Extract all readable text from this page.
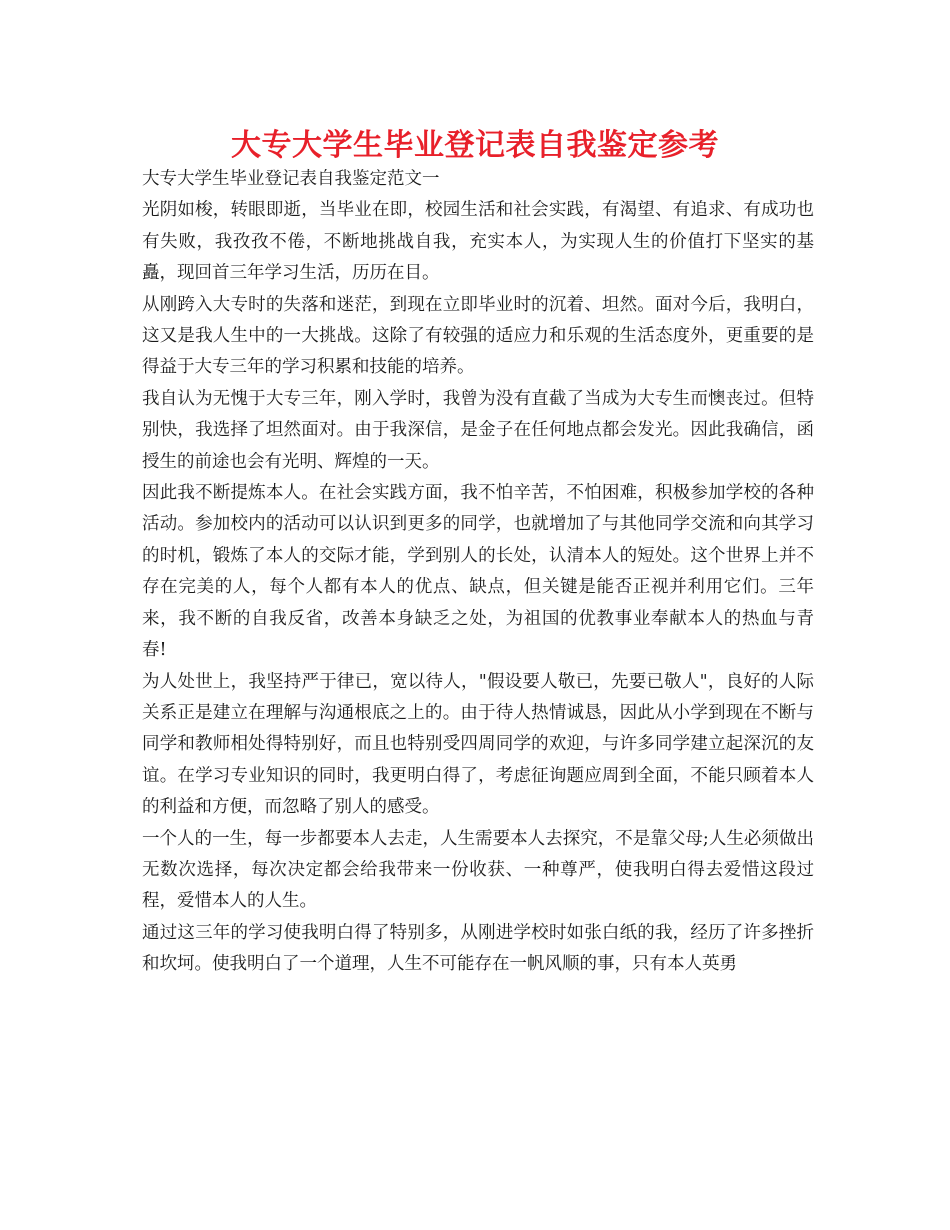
大专大学生毕业登记表自我鉴定参考

大专大学生毕业登记表自我鉴定范文一

光阴如梭，转眼即逝，当毕业在即，校园生活和社会实践，有渴望、有追求、有成功也有失败，我孜孜不倦，不断地挑战自我，充实本人，为实现人生的价值打下坚实的基矗，现回首三年学习生活，历历在目。

从刚跨入大专时的失落和迷茫，到现在立即毕业时的沉着、坦然。面对今后，我明白，这又是我人生中的一大挑战。这除了有较强的适应力和乐观的生活态度外，更重要的是得益于大专三年的学习积累和技能的培养。

我自认为无愧于大专三年，刚入学时，我曾为没有直截了当成为大专生而懊丧过。但特别快，我选择了坦然面对。由于我深信，是金子在任何地点都会发光。因此我确信，函授生的前途也会有光明、辉煌的一天。

因此我不断提炼本人。在社会实践方面，我不怕辛苦，不怕困难，积极参加学校的各种活动。参加校内的活动可以认识到更多的同学，也就增加了与其他同学交流和向其学习的时机，锻炼了本人的交际才能，学到别人的长处，认清本人的短处。这个世界上并不存在完美的人，每个人都有本人的优点、缺点，但关键是能否正视并利用它们。三年来，我不断的自我反省，改善本身缺乏之处，为祖国的优教事业奉献本人的热血与青春!

为人处世上，我坚持严于律已，宽以待人，"假设要人敬已，先要已敬人"，良好的人际关系正是建立在理解与沟通根底之上的。由于待人热情诚恳，因此从小学到现在不断与同学和教师相处得特别好，而且也特别受四周同学的欢迎，与许多同学建立起深沉的友谊。在学习专业知识的同时，我更明白得了，考虑征询题应周到全面，不能只顾着本人的利益和方便，而忽略了别人的感受。

一个人的一生，每一步都要本人去走，人生需要本人去探究，不是靠父母;人生必须做出无数次选择，每次决定都会给我带来一份收获、一种尊严，使我明白得去爱惜这段过程，爱惜本人的人生。

通过这三年的学习使我明白得了特别多，从刚进学校时如张白纸的我，经历了许多挫折和坎坷。使我明白了一个道理，人生不可能存在一帆风顺的事，只有本人英勇
